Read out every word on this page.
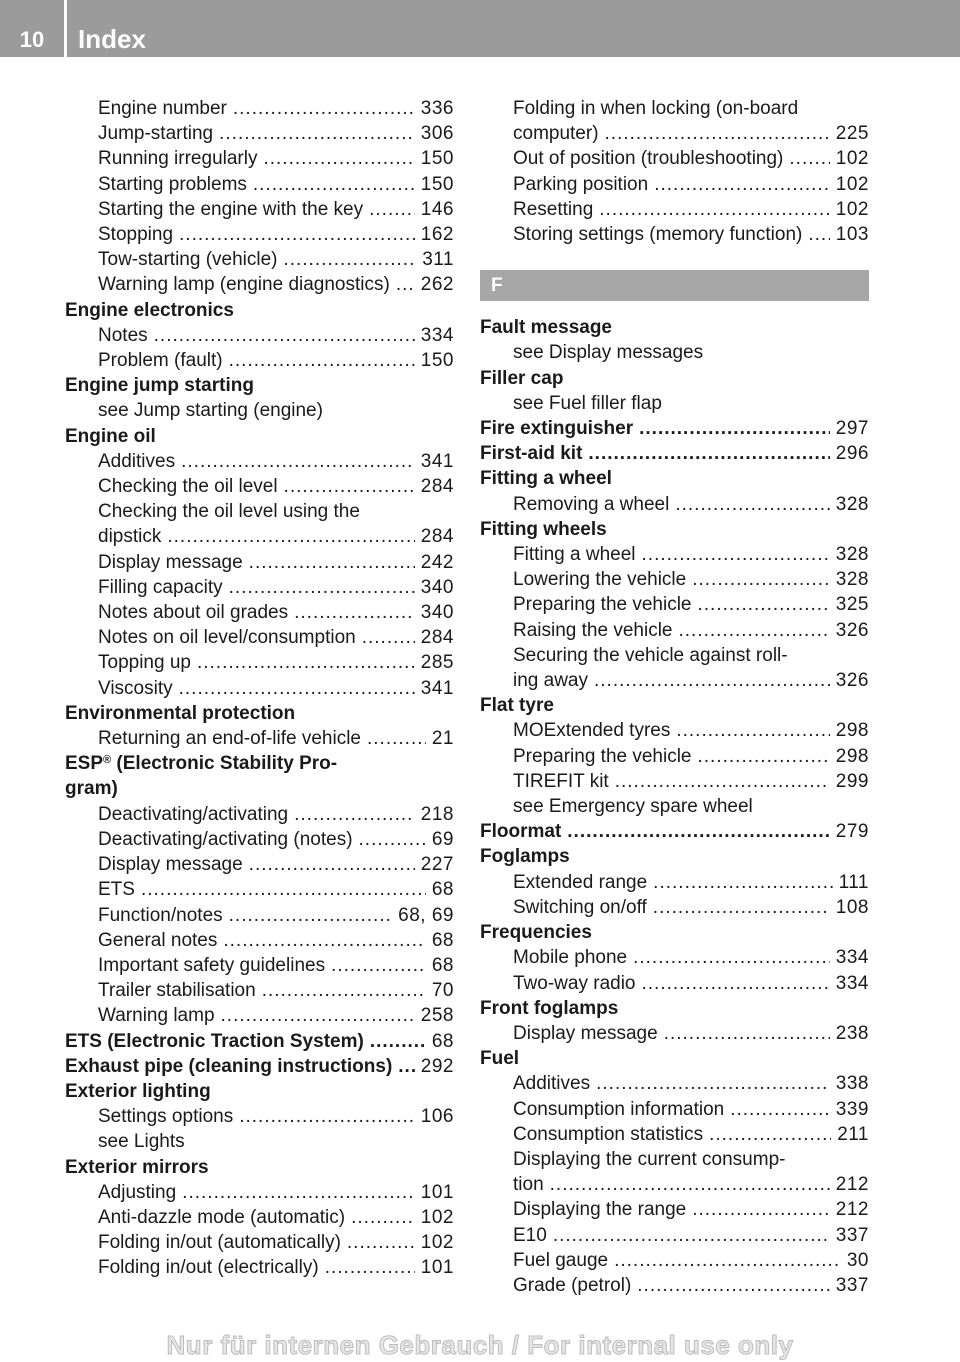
10	Index
Engine number .....	336
Jump-starting .....	306
Running irregularly .....	150
Starting problems .....	150
Starting the engine with the key .....	146
Stopping .....	162
Tow-starting (vehicle) .....	311
Warning lamp (engine diagnostics) ..... 262
Engine electronics
Notes .....	334
Problem (fault) .....	150
Engine jump starting
see Jump starting (engine)
Engine oil
Additives .....	341
Checking the oil level .....	284
Checking the oil level using the
dipstick .....	284
Display message .....	242
Filling capacity .....	340
Notes about oil grades .....	340
Notes on oil level/consumption .....	284
Topping up .....	285
Viscosity .....	341
Environmental protection
Returning an end-of-life vehicle .....	21
ESP® (Electronic Stability Pro-
gram)
Deactivating/activating .....	218
Deactivating/activating (notes) .....	69
Display message .....	227
ETS .....	68
Function/notes .....	68, 69
General notes .....	68
Important safety guidelines .....	68
Trailer stabilisation .....	70
Warning lamp .....	258
ETS (Electronic Traction System) .....	68
Exhaust pipe (cleaning instructions) ..... 292
Exterior lighting
Settings options .....	106
see Lights
Exterior mirrors
Adjusting .....	101
Anti-dazzle mode (automatic) .....	102
Folding in/out (automatically) .....	102
Folding in/out (electrically) .....	101
Folding in when locking (on-board
computer) .....	225
Out of position (troubleshooting) .....	102
Parking position .....	102
Resetting .....	102
Storing settings (memory function) ..... 103
F
Fault message
see Display messages
Filler cap
see Fuel filler flap
Fire extinguisher .....	297
First-aid kit .....	296
Fitting a wheel
Removing a wheel .....	328
Fitting wheels
Fitting a wheel .....	328
Lowering the vehicle .....	328
Preparing the vehicle .....	325
Raising the vehicle .....	326
Securing the vehicle against roll-
ing away .....	326
Flat tyre
MOExtended tyres .....	298
Preparing the vehicle .....	298
TIREFIT kit .....	299
see Emergency spare wheel
Floormat .....	279
Foglamps
Extended range .....	111
Switching on/off .....	108
Frequencies
Mobile phone .....	334
Two-way radio .....	334
Front foglamps
Display message .....	238
Fuel
Additives .....	338
Consumption information .....	339
Consumption statistics .....	211
Displaying the current consump-
tion .....	212
Displaying the range .....	212
E10 .....	337
Fuel gauge .....	30
Grade (petrol) .....	337
Nur für internen Gebrauch / For internal use only
